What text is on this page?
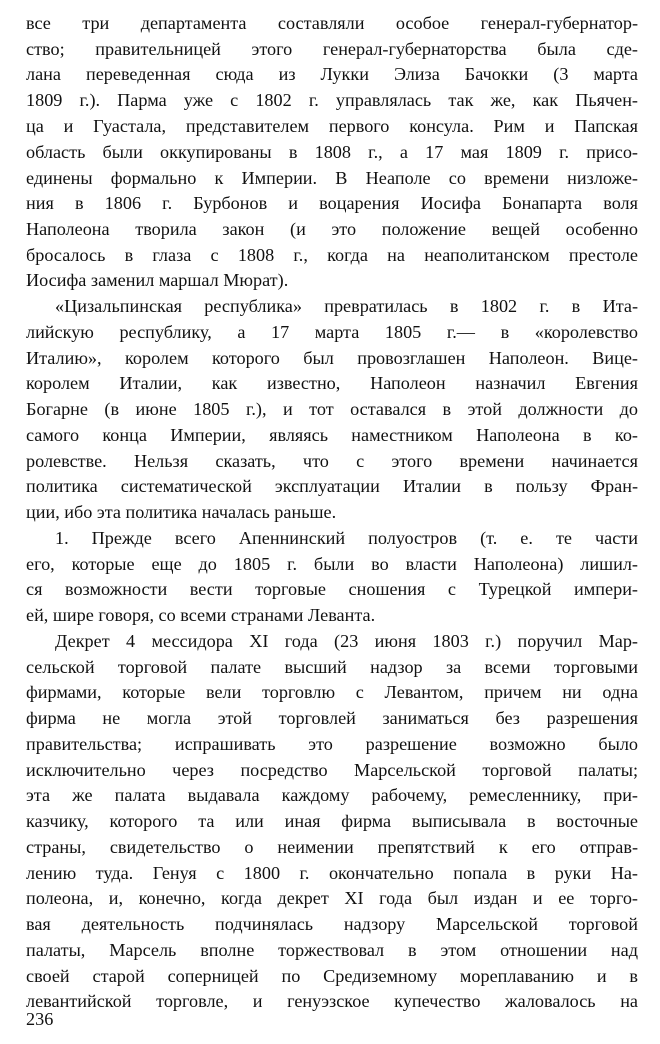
все три департамента составляли особое генерал-губернатор-
ство; правительницей этого генерал-губернаторства была сде-
лана переведенная сюда из Лукки Элиза Бачокки (3 марта
1809 г.). Парма уже с 1802 г. управлялась так же, как Пьячен-
ца и Гуастала, представителем первого консула. Рим и Папская
область были оккупированы в 1808 г., а 17 мая 1809 г. присо-
единены формально к Империи. В Неаполе со времени низложе-
ния в 1806 г. Бурбонов и воцарения Иосифа Бонапарта воля
Наполеона творила закон (и это положение вещей особенно
бросалось в глаза с 1808 г., когда на неаполитанском престоле
Иосифа заменил маршал Мюрат).
«Цизальпинская республика» превратилась в 1802 г. в Ита-
лийскую республику, а 17 марта 1805 г.— в «королевство
Италию», королем которого был провозглашен Наполеон. Вице-
королем Италии, как известно, Наполеон назначил Евгения
Богарне (в июне 1805 г.), и тот оставался в этой должности до
самого конца Империи, являясь наместником Наполеона в ко-
ролевстве. Нельзя сказать, что с этого времени начинается
политика систематической эксплуатации Италии в пользу Фран-
ции, ибо эта политика началась раньше.
1. Прежде всего Апеннинский полуостров (т. е. те части
его, которые еще до 1805 г. были во власти Наполеона) лишил-
ся возможности вести торговые сношения с Турецкой импери-
ей, шире говоря, со всеми странами Леванта.
Декрет 4 мессидора XI года (23 июня 1803 г.) поручил Мар-
сельской торговой палате высший надзор за всеми торговыми
фирмами, которые вели торговлю с Левантом, причем ни одна
фирма не могла этой торговлей заниматься без разрешения
правительства; испрашивать это разрешение возможно было
исключительно через посредство Марсельской торговой палаты;
эта же палата выдавала каждому рабочему, ремесленнику, при-
казчику, которого та или иная фирма выписывала в восточные
страны, свидетельство о неимении препятствий к его отправ-
лению туда. Генуя с 1800 г. окончательно попала в руки На-
полеона, и, конечно, когда декрет XI года был издан и ее торго-
вая деятельность подчинялась надзору Марсельской торговой
палаты, Марсель вполне торжествовал в этом отношении над
своей старой соперницей по Средиземному мореплаванию и в
левантийской торговле, и генуэзское купечество жаловалось на
236
